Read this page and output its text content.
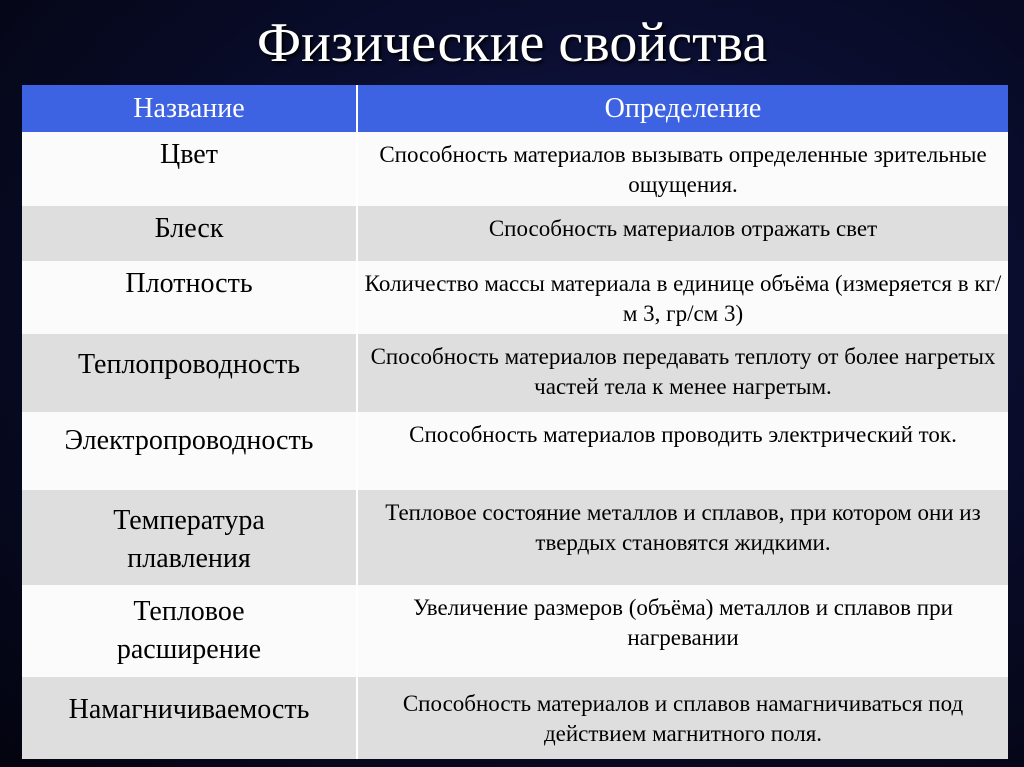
Физические свойства
Название	Определение
Цвет	Способность материалов вызывать определенные зрительные ощущения.
Блеск	Способность материалов отражать свет
Плотность	Количество массы материала в единице объёма (измеряется в кг/м 3, гр/см 3)
Теплопроводность	Способность материалов передавать теплоту от более нагретых частей тела к менее нагретым.
Электропроводность	Способность материалов проводить электрический ток.
Температура плавления	Тепловое состояние металлов и сплавов, при котором они из твердых становятся жидкими.
Тепловое расширение	Увеличение размеров (объёма) металлов и сплавов при нагревании
Намагничиваемость	Способность материалов и сплавов намагничиваться под действием магнитного поля.
